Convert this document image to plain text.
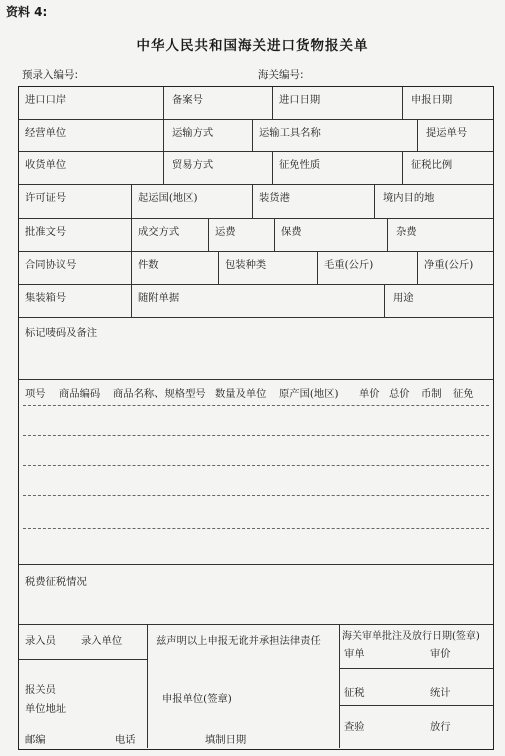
资料 4:
中华人民共和国海关进口货物报关单
预录入编号:	海关编号:
进口口岸	备案号	进口日期	申报日期
经营单位	运输方式	运输工具名称	提运单号
收货单位	贸易方式	征免性质	征税比例
许可证号	起运国(地区)	装货港	境内目的地
批准文号	成交方式	运费	保费	杂费
合同协议号	件数	包装种类	毛重(公斤)	净重(公斤)
集装箱号	随附单据	用途
标记唛码及备注
项号 商品编码 商品名称、规格型号 数量及单位 原产国(地区) 单价 总价 币制 征免
税费征税情况
录入员 录入单位	兹声明以上申报无讹并承担法律责任
申报单位(签章)
报关员
单位地址
邮编	电话	填制日期
海关审单批注及放行日期(签章)
审单	审价
征税	统计
查验	放行
